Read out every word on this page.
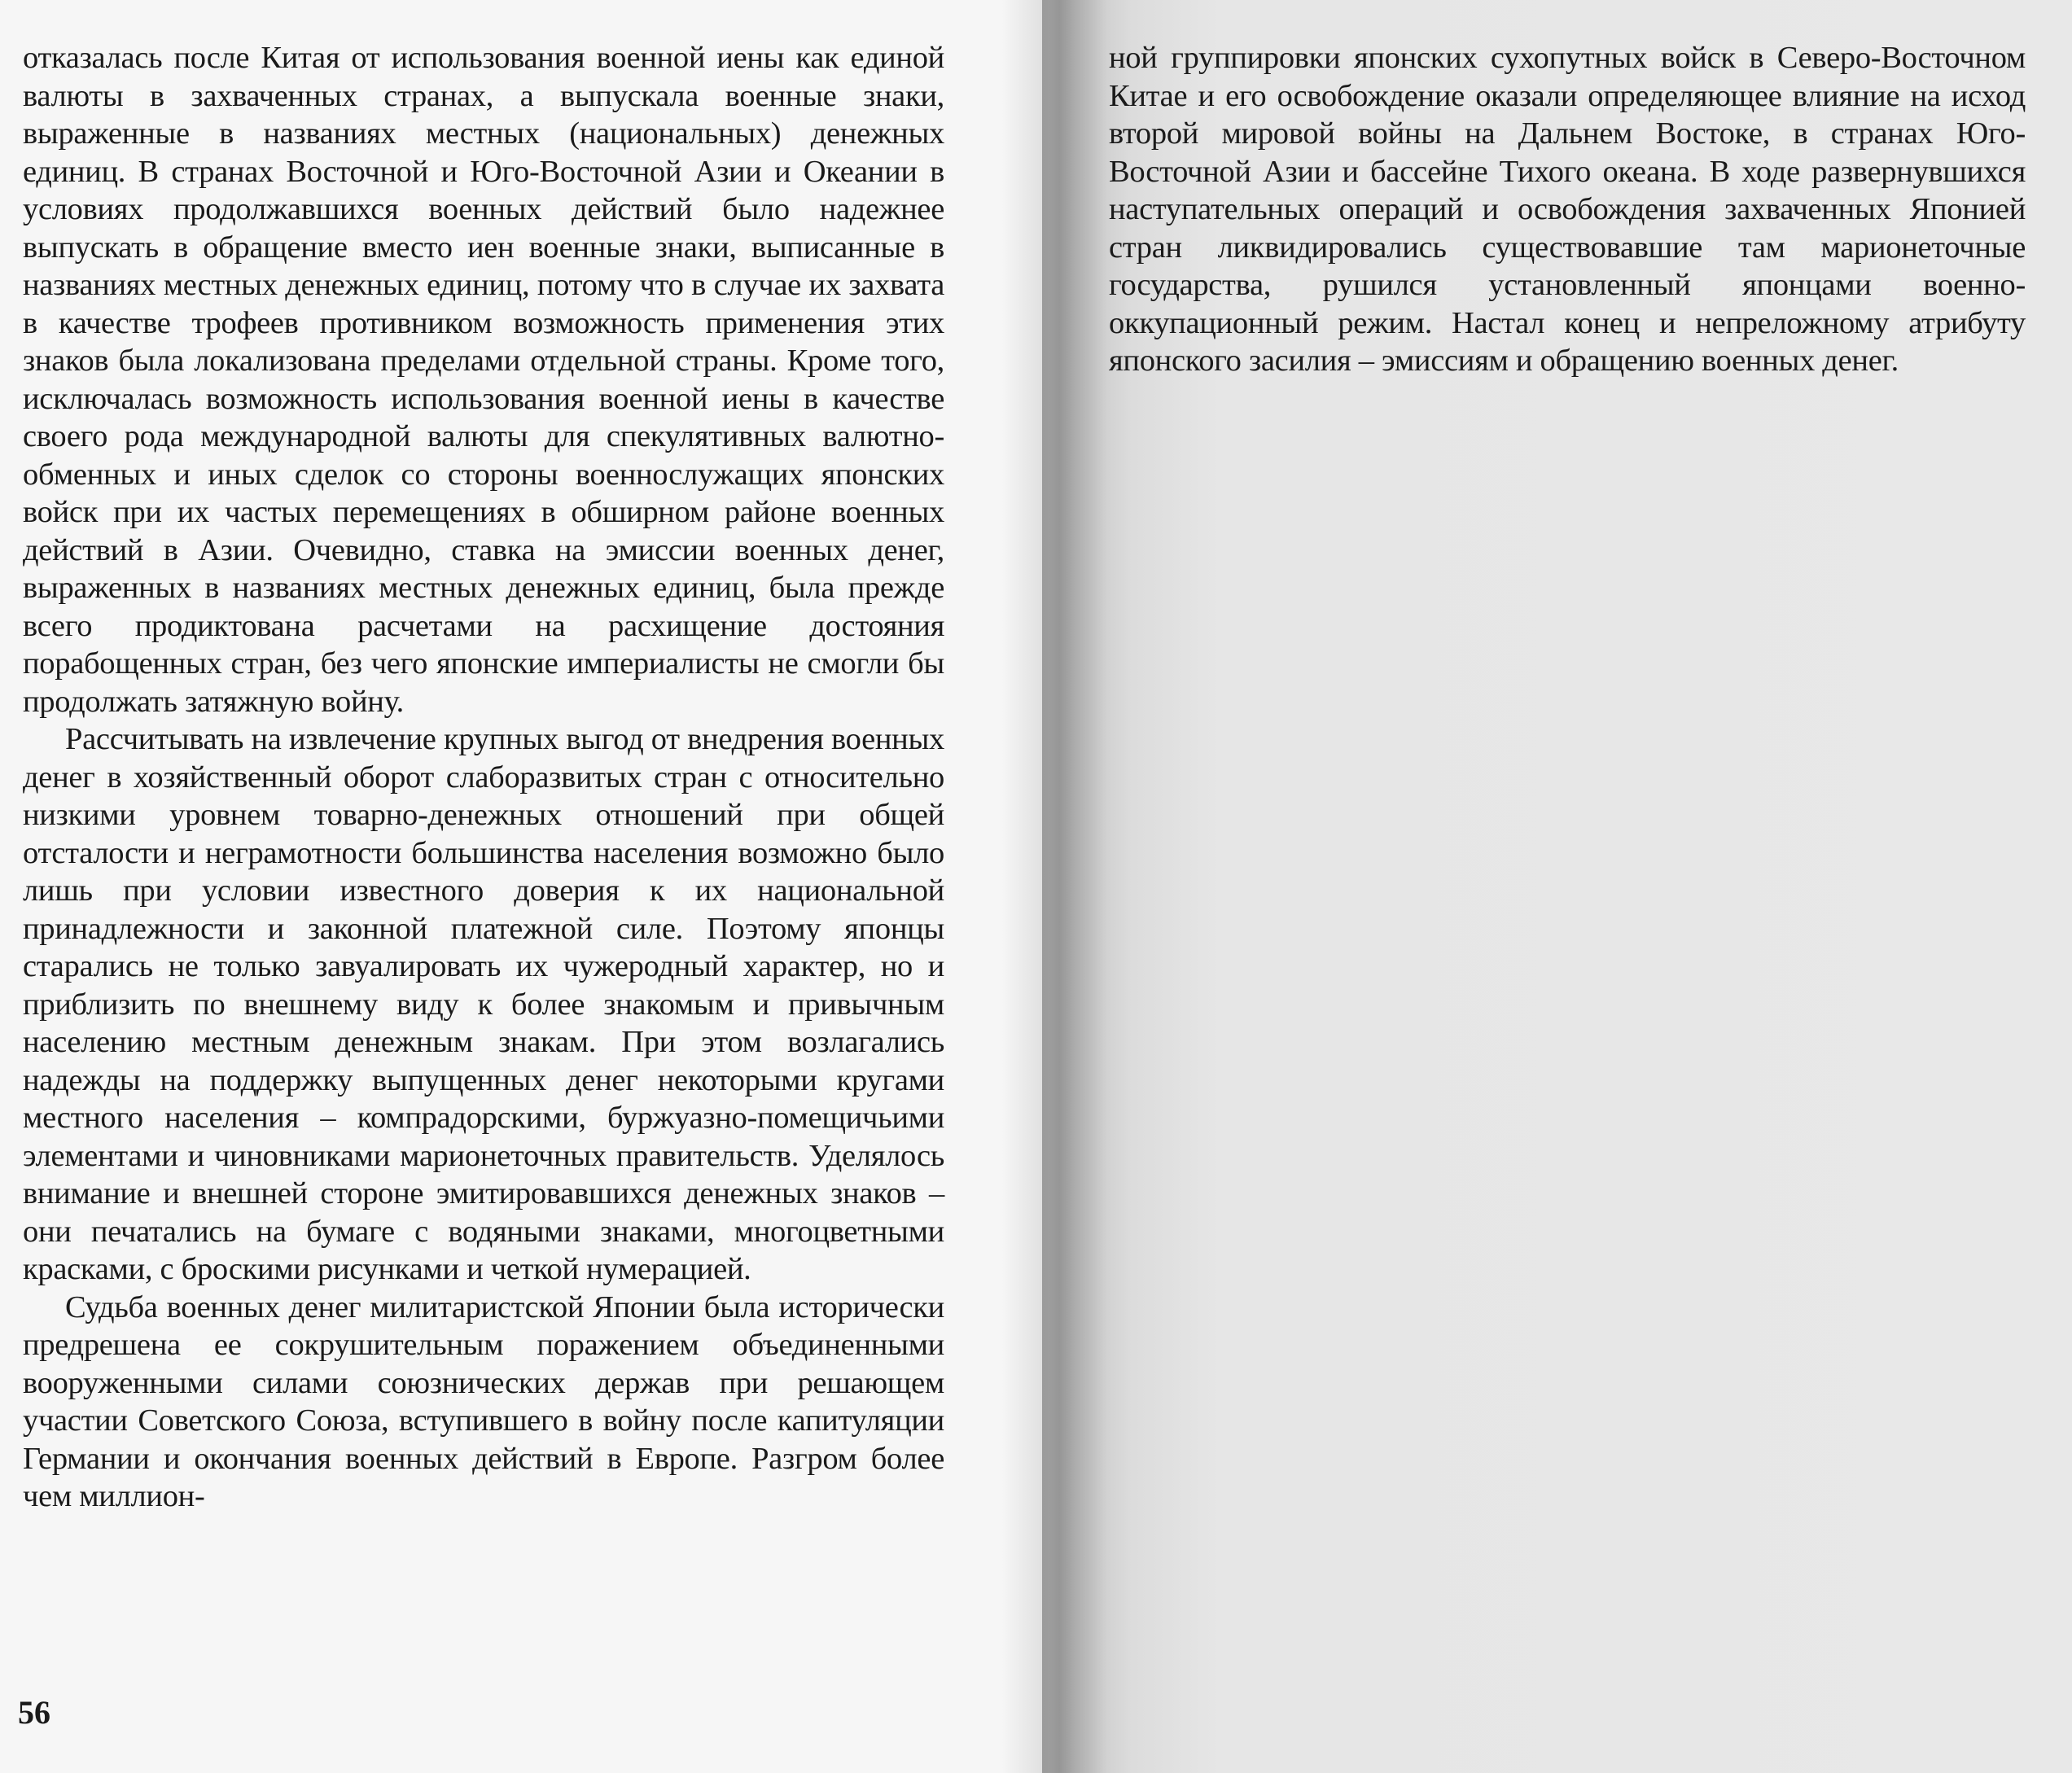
отказалась после Китая от использования военной иены как единой валюты в захваченных странах, а выпускала военные знаки, выраженные в названиях местных (национальных) денежных единиц. В странах Восточной и Юго-Восточной Азии и Океании в условиях продолжавшихся военных действий было надежнее выпускать в обращение вместо иен военные знаки, выписанные в названиях местных денежных единиц, потому что в случае их захвата в качестве трофеев противником возможность применения этих знаков была локализована пределами отдельной страны. Кроме того, исключалась возможность использования военной иены в качестве своего рода международной валюты для спекулятивных валютно-обменных и иных сделок со стороны военнослужащих японских войск при их частых перемещениях в обширном районе военных действий в Азии. Очевидно, ставка на эмиссии военных денег, выраженных в названиях местных денежных единиц, была прежде всего продиктована расчетами на расхищение достояния порабощенных стран, без чего японские империалисты не смогли бы продолжать затяжную войну.

Рассчитывать на извлечение крупных выгод от внедрения военных денег в хозяйственный оборот слаборазвитых стран с относительно низкими уровнем товарно-денежных отношений при общей отсталости и неграмотности большинства населения возможно было лишь при условии известного доверия к их национальной принадлежности и законной платежной силе. Поэтому японцы старались не только завуалировать их чужеродный характер, но и приблизить по внешнему виду к более знакомым и привычным населению местным денежным знакам. При этом возлагались надежды на поддержку выпущенных денег некоторыми кругами местного населения – компрадорскими, буржуазно-помещичьими элементами и чиновниками марионеточных правительств. Уделялось внимание и внешней стороне эмитировавшихся денежных знаков – они печатались на бумаге с водяными знаками, многоцветными красками, с броскими рисунками и четкой нумерацией.

Судьба военных денег милитаристской Японии была исторически предрешена ее сокрушительным поражением объединенными вооруженными силами союзнических держав при решающем участии Советского Союза, вступившего в войну после капитуляции Германии и окончания военных действий в Европе. Разгром более чем миллион-

56

ной группировки японских сухопутных войск в Северо-Восточном Китае и его освобождение оказали определяющее влияние на исход второй мировой войны на Дальнем Востоке, в странах Юго-Восточной Азии и бассейне Тихого океана. В ходе развернувшихся наступательных операций и освобождения захваченных Японией стран ликвидировались существовавшие там марионеточные государства, рушился установленный японцами военно-оккупационный режим. Настал конец и непреложному атрибуту японского засилия – эмиссиям и обращению военных денег.
